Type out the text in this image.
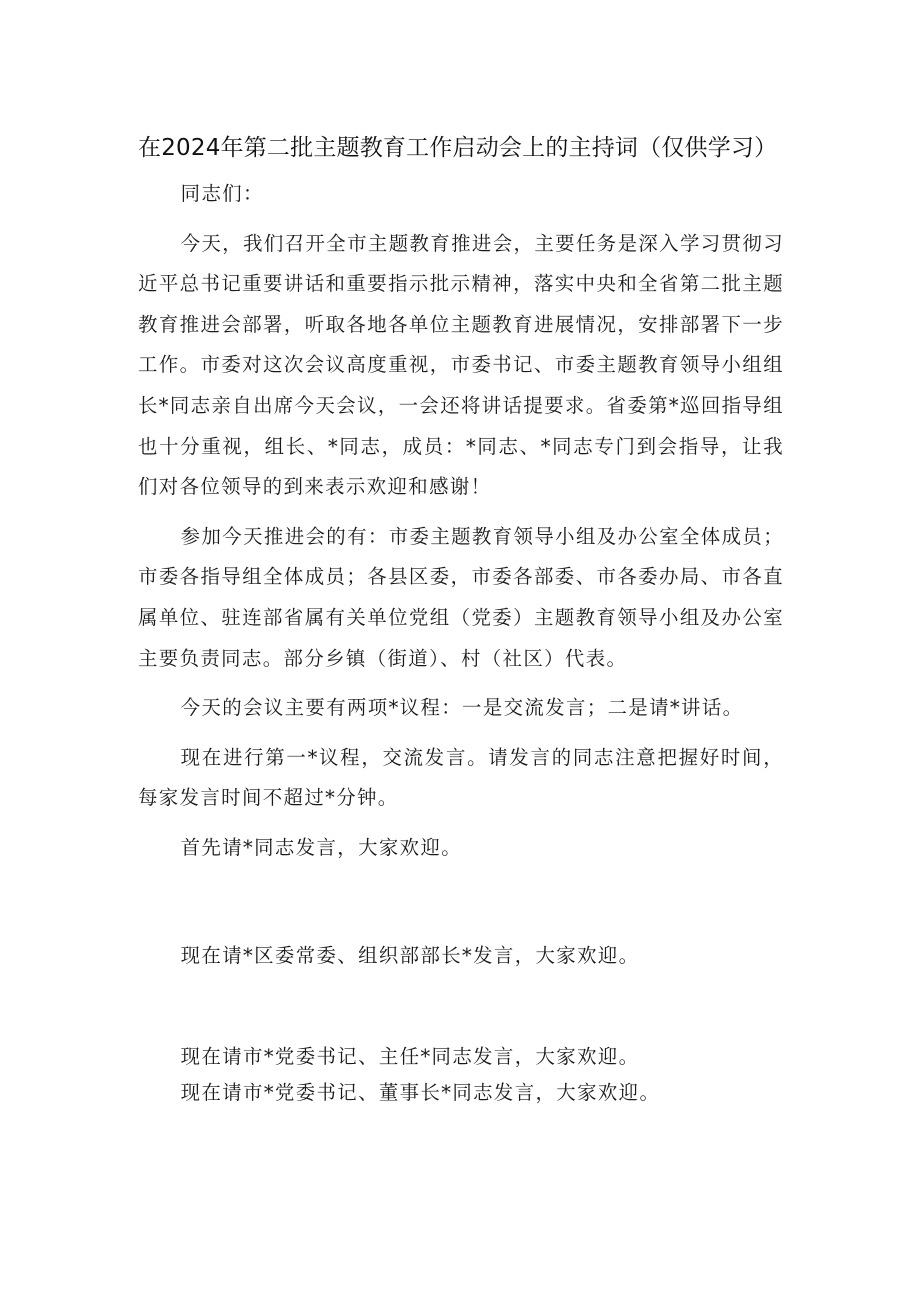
在2024年第二批主题教育工作启动会上的主持词（仅供学习）

同志们：

今天，我们召开全市主题教育推进会，主要任务是深入学习贯彻习近平总书记重要讲话和重要指示批示精神，落实中央和全省第二批主题教育推进会部署，听取各地各单位主题教育进展情况，安排部署下一步工作。市委对这次会议高度重视，市委书记、市委主题教育领导小组组长*同志亲自出席今天会议，一会还将讲话提要求。省委第*巡回指导组也十分重视，组长、*同志，成员：*同志、*同志专门到会指导，让我们对各位领导的到来表示欢迎和感谢！

参加今天推进会的有：市委主题教育领导小组及办公室全体成员；市委各指导组全体成员；各县区委，市委各部委、市各委办局、市各直属单位、驻连部省属有关单位党组（党委）主题教育领导小组及办公室主要负责同志。部分乡镇（街道）、村（社区）代表。

今天的会议主要有两项*议程：一是交流发言；二是请*讲话。

现在进行第一*议程，交流发言。请发言的同志注意把握好时间，每家发言时间不超过*分钟。

首先请*同志发言，大家欢迎。

现在请*区委常委、组织部部长*发言，大家欢迎。

现在请市*党委书记、主任*同志发言，大家欢迎。

现在请市*党委书记、董事长*同志发言，大家欢迎。
